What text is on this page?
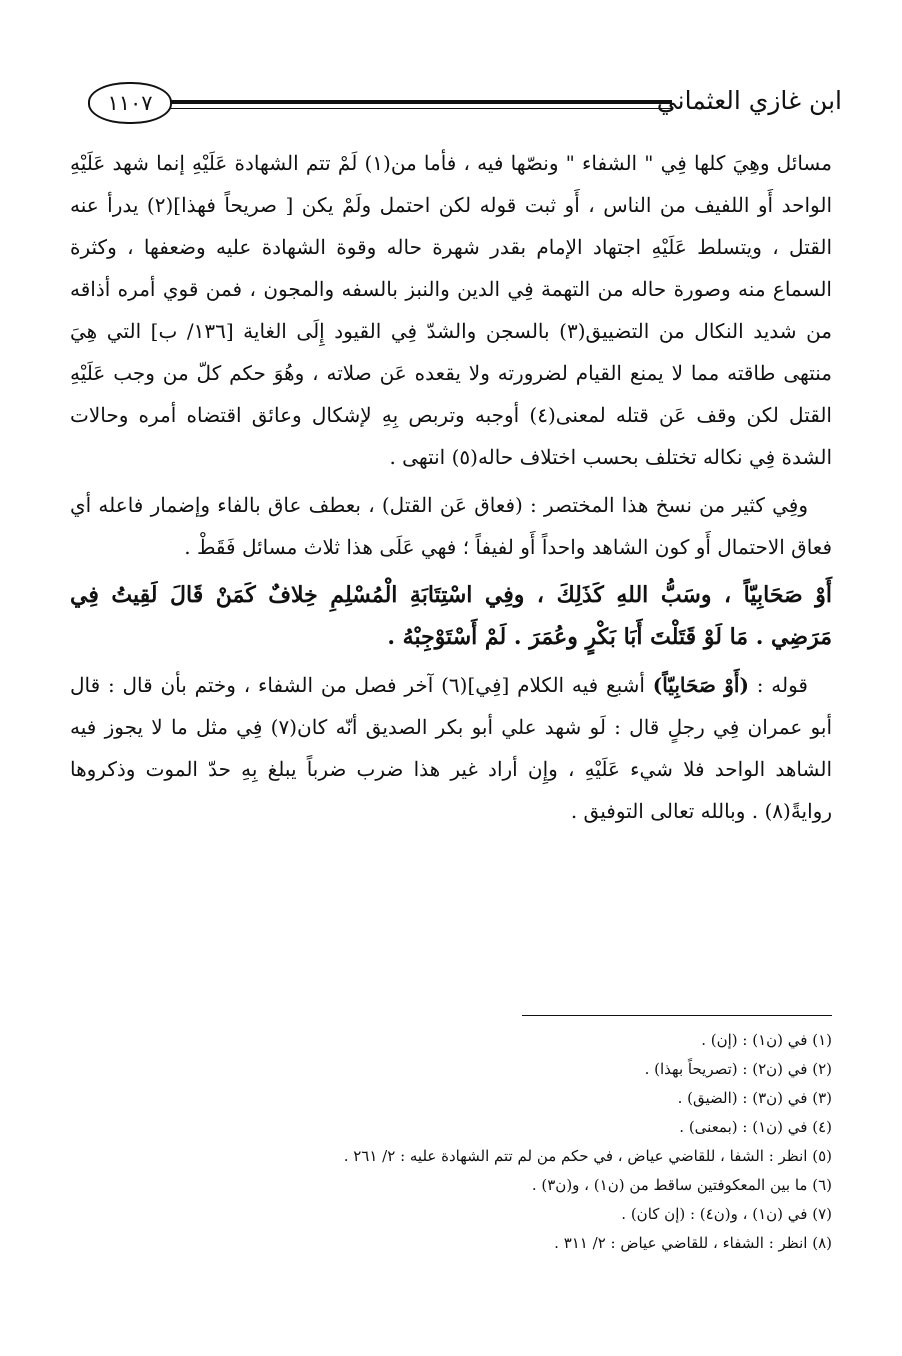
ابن غازي العثماني
١١٠٧

مسائل وهِيَ كلها فِي " الشفاء " ونصّها فيه ، فأما من(١) لَمْ تتم الشهادة عَلَيْهِ إنما شهد عَلَيْهِ الواحد أَو اللفيف من الناس ، أَو ثبت قوله لكن احتمل ولَمْ يكن [ صريحاً فهذا](٢) يدرأ عنه القتل ، ويتسلط عَلَيْهِ اجتهاد الإمام بقدر شهرة حاله وقوة الشهادة عليه وضعفها ، وكثرة السماع منه وصورة حاله من التهمة فِي الدين والنبز بالسفه والمجون ، فمن قوي أمره أذاقه من شديد النكال من التضييق(٣) بالسجن والشدّ فِي القيود إِلَى الغاية [١٣٦/ ب] التي هِيَ منتهى طاقته مما لا يمنع القيام لضرورته ولا يقعده عَن صلاته ، وهُوَ حكم كلّ من وجب عَلَيْهِ القتل لكن وقف عَن قتله لمعنى(٤) أوجبه وتربص بِهِ لإشكال وعائق اقتضاه أمره وحالات الشدة فِي نكاله تختلف بحسب اختلاف حاله(٥) انتهى .

وفِي كثير من نسخ هذا المختصر : (فعاق عَن القتل) ، بعطف عاق بالفاء وإضمار فاعله أي فعاق الاحتمال أَو كون الشاهد واحداً أَو لفيفاً ؛ فهي عَلَى هذا ثلاث مسائل فَقَطْ .

أَوْ صَحَابِيّاً ، وسَبُّ اللهِ كَذَلِكَ ، وفِي اسْتِتَابَةِ الْمُسْلِمِ خِلافٌ كَمَنْ قَالَ لَقِيتُ فِي مَرَضِي . مَا لَوْ قَتَلْتَ أَبَا بَكْرٍ وعُمَرَ . لَمْ أَسْتَوْجِبْهُ .

قوله : (أَوْ صَحَابِيّاً) أشبع فيه الكلام [فِي](٦) آخر فصل من الشفاء ، وختم بأن قال : قال أبو عمران فِي رجلٍ قال : لَو شهد علي أبو بكر الصديق أنّه كان(٧) فِي مثل ما لا يجوز فيه الشاهد الواحد فلا شيء عَلَيْهِ ، وإِن أراد غير هذا ضرب ضرباً يبلغ بِهِ حدّ الموت وذكروها روايةً(٨) . وبالله تعالى التوفيق .

(١) في (ن١) : (إن) .
(٢) في (ن٢) : (تصريحاً بهذا) .
(٣) في (ن٣) : (الضيق) .
(٤) في (ن١) : (بمعنى) .
(٥) انظر : الشفا ، للقاضي عياض ، في حكم من لم تتم الشهادة عليه : ٢/ ٢٦١ .
(٦) ما بين المعكوفتين ساقط من (ن١) ، و(ن٣) .
(٧) في (ن١) ، و(ن٤) : (إن كان) .
(٨) انظر : الشفاء ، للقاضي عياض : ٢/ ٣١١ .
